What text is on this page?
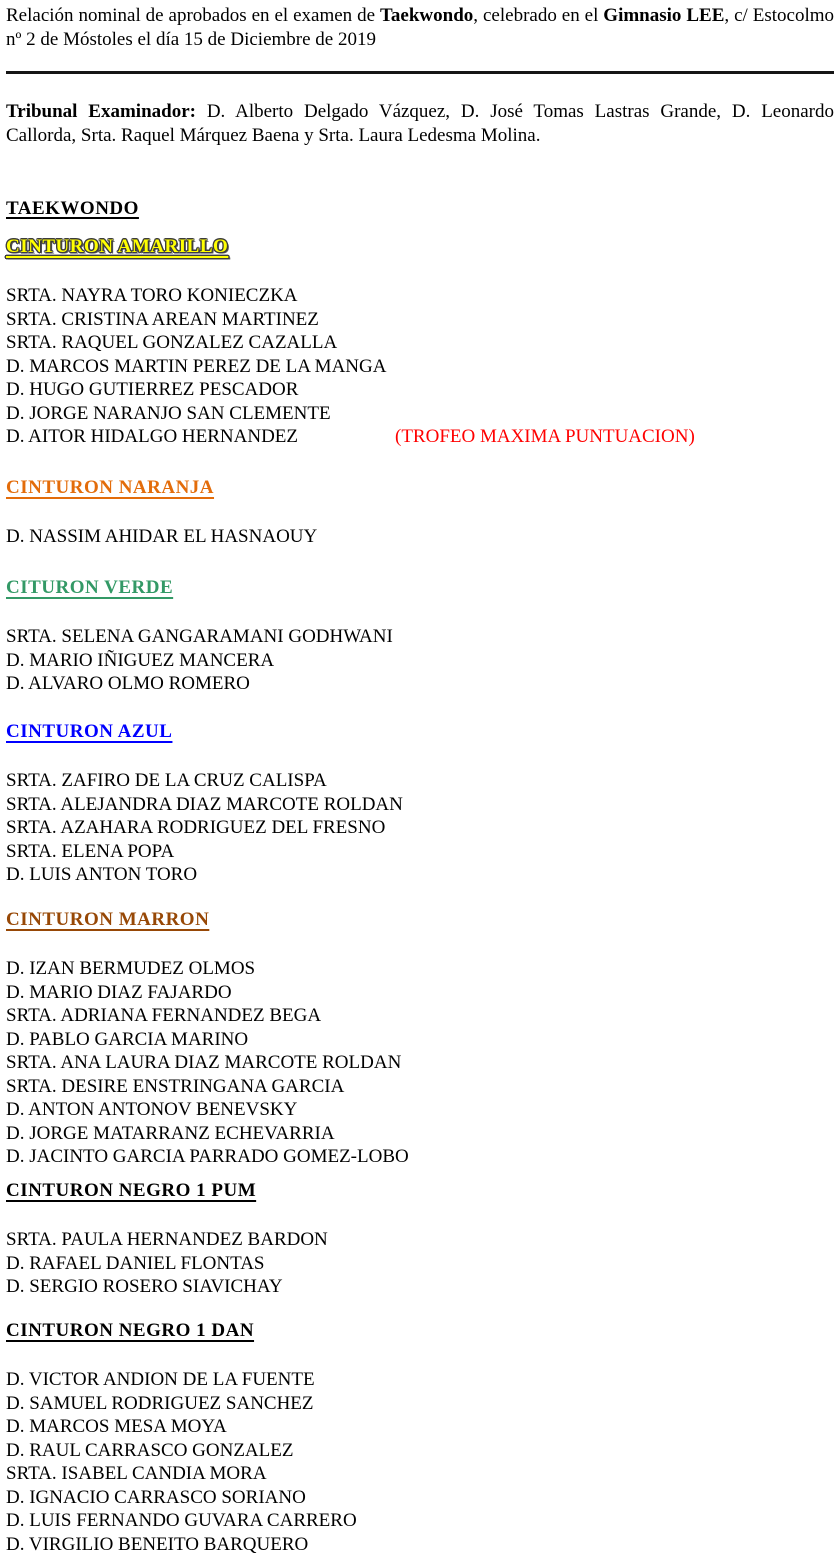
Relación nominal de aprobados en el examen de Taekwondo, celebrado en el Gimnasio LEE, c/ Estocolmo nº 2 de Móstoles el día 15 de Diciembre de 2019

Tribunal Examinador: D. Alberto Delgado Vázquez, D. José Tomas Lastras Grande, D. Leonardo Callorda, Srta. Raquel Márquez Baena y Srta. Laura Ledesma Molina.

TAEKWONDO
CINTURON AMARILLO
SRTA. NAYRA TORO KONIECZKA
SRTA. CRISTINA AREAN MARTINEZ
SRTA. RAQUEL GONZALEZ CAZALLA
D. MARCOS MARTIN PEREZ DE LA MANGA
D. HUGO GUTIERREZ PESCADOR
D. JORGE NARANJO SAN CLEMENTE
D. AITOR HIDALGO HERNANDEZ	(TROFEO MAXIMA PUNTUACION)
CINTURON NARANJA
D. NASSIM AHIDAR EL HASNAOUY
CITURON VERDE
SRTA. SELENA GANGARAMANI GODHWANI
D. MARIO IÑIGUEZ MANCERA
D. ALVARO OLMO ROMERO
CINTURON AZUL
SRTA. ZAFIRO DE LA CRUZ CALISPA
SRTA. ALEJANDRA DIAZ MARCOTE ROLDAN
SRTA. AZAHARA RODRIGUEZ DEL FRESNO
SRTA. ELENA POPA
D. LUIS ANTON TORO
CINTURON MARRON
D. IZAN BERMUDEZ OLMOS
D. MARIO DIAZ FAJARDO
SRTA. ADRIANA FERNANDEZ BEGA
D. PABLO GARCIA MARINO
SRTA. ANA LAURA DIAZ MARCOTE ROLDAN
SRTA. DESIRE ENSTRINGANA GARCIA
D. ANTON ANTONOV BENEVSKY
D. JORGE MATARRANZ ECHEVARRIA
D. JACINTO GARCIA PARRADO GOMEZ-LOBO
CINTURON NEGRO 1 PUM
SRTA. PAULA HERNANDEZ BARDON
D. RAFAEL DANIEL FLONTAS
D. SERGIO ROSERO SIAVICHAY
CINTURON NEGRO 1 DAN
D. VICTOR ANDION DE LA FUENTE
D. SAMUEL RODRIGUEZ SANCHEZ
D. MARCOS MESA MOYA
D. RAUL CARRASCO GONZALEZ
SRTA. ISABEL CANDIA MORA
D. IGNACIO CARRASCO SORIANO
D. LUIS FERNANDO GUVARA CARRERO
D. VIRGILIO BENEITO BARQUERO
